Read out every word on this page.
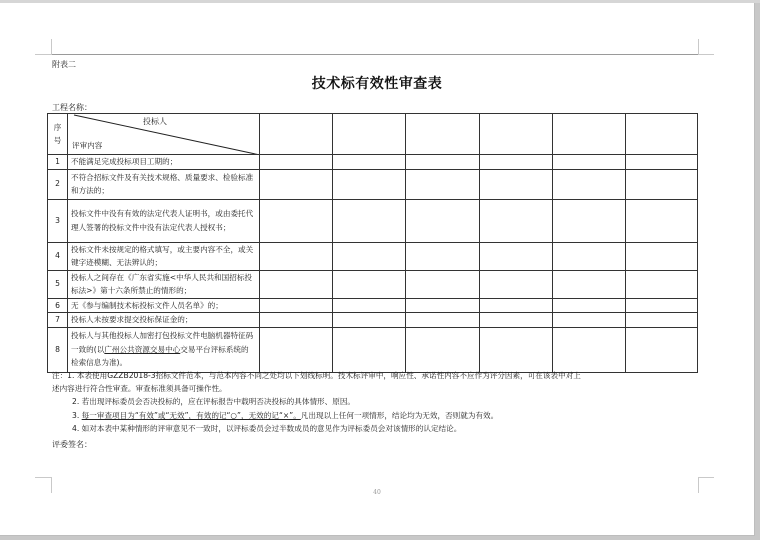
附表二
技术标有效性审查表
工程名称：
序号	投标人
评审内容						

1	不能满足完成投标项目工期的；						
2	不符合招标文件及有关技术规格、质量要求、检验标准和方法的；						
3	投标文件中没有有效的法定代表人证明书，或由委托代理人签署的投标文件中没有法定代表人授权书；						
4	投标文件未按规定的格式填写，或主要内容不全，或关键字迹模糊、无法辨认的；						
5	投标人之间存在《广东省实施<中华人民共和国招标投标法>》第十六条所禁止的情形的；						
6	无《参与编制技术标投标文件人员名单》的；						
7	投标人未按要求提交投标保证金的；						
8	投标人与其他投标人加密打包投标文件电脑机器特征码一致的(以广州公共资源交易中心交易平台评标系统的检索信息为准)。						

注：1. 本表使用GZZB2018-3招标文件范本，与范本内容不同之处均以下划线标明。技术标评审中，响应性、承诺性内容不应作为评分因素，可在该表中对上

述内容进行符合性审查。审查标准须具备可操作性。

2. 若出现评标委员会否决投标的，应在评标报告中载明否决投标的具体情形、原因。

3. 每一审查项目为“有效”或“无效”，有效的记“○”，无效的记“×”。凡出现以上任何一项情形，结论均为无效，否则就为有效。

4. 如对本表中某种情形的评审意见不一致时，以评标委员会过半数成员的意见作为评标委员会对该情形的认定结论。

评委签名：
40
